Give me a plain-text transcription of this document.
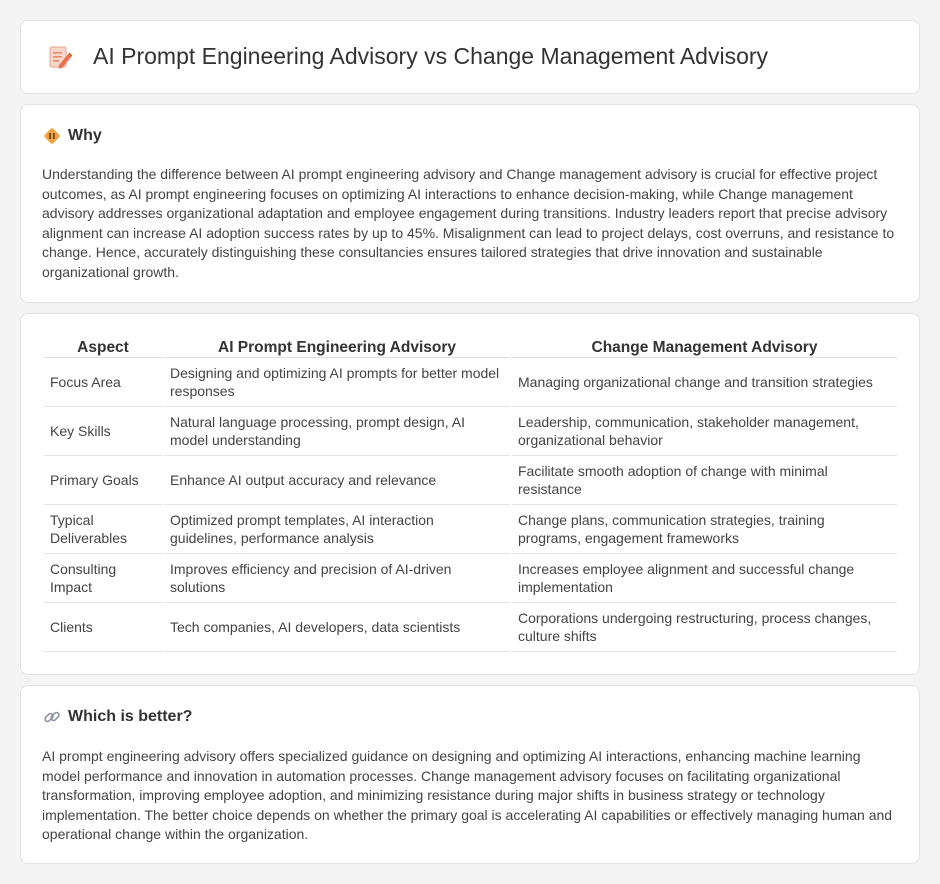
AI Prompt Engineering Advisory vs Change Management Advisory
Why

Understanding the difference between AI prompt engineering advisory and Change management advisory is crucial for effective project outcomes, as AI prompt engineering focuses on optimizing AI interactions to enhance decision-making, while Change management advisory addresses organizational adaptation and employee engagement during transitions. Industry leaders report that precise advisory alignment can increase AI adoption success rates by up to 45%. Misalignment can lead to project delays, cost overruns, and resistance to change. Hence, accurately distinguishing these consultancies ensures tailored strategies that drive innovation and sustainable organizational growth.

Aspect	AI Prompt Engineering Advisory	Change Management Advisory
Focus Area	Designing and optimizing AI prompts for better model responses	Managing organizational change and transition strategies
Key Skills	Natural language processing, prompt design, AI model understanding	Leadership, communication, stakeholder management, organizational behavior
Primary Goals	Enhance AI output accuracy and relevance	Facilitate smooth adoption of change with minimal resistance
Typical Deliverables	Optimized prompt templates, AI interaction guidelines, performance analysis	Change plans, communication strategies, training programs, engagement frameworks
Consulting Impact	Improves efficiency and precision of AI-driven solutions	Increases employee alignment and successful change implementation
Clients	Tech companies, AI developers, data scientists	Corporations undergoing restructuring, process changes, culture shifts
Which is better?

AI prompt engineering advisory offers specialized guidance on designing and optimizing AI interactions, enhancing machine learning model performance and innovation in automation processes. Change management advisory focuses on facilitating organizational transformation, improving employee adoption, and minimizing resistance during major shifts in business strategy or technology implementation. The better choice depends on whether the primary goal is accelerating AI capabilities or effectively managing human and operational change within the organization.
